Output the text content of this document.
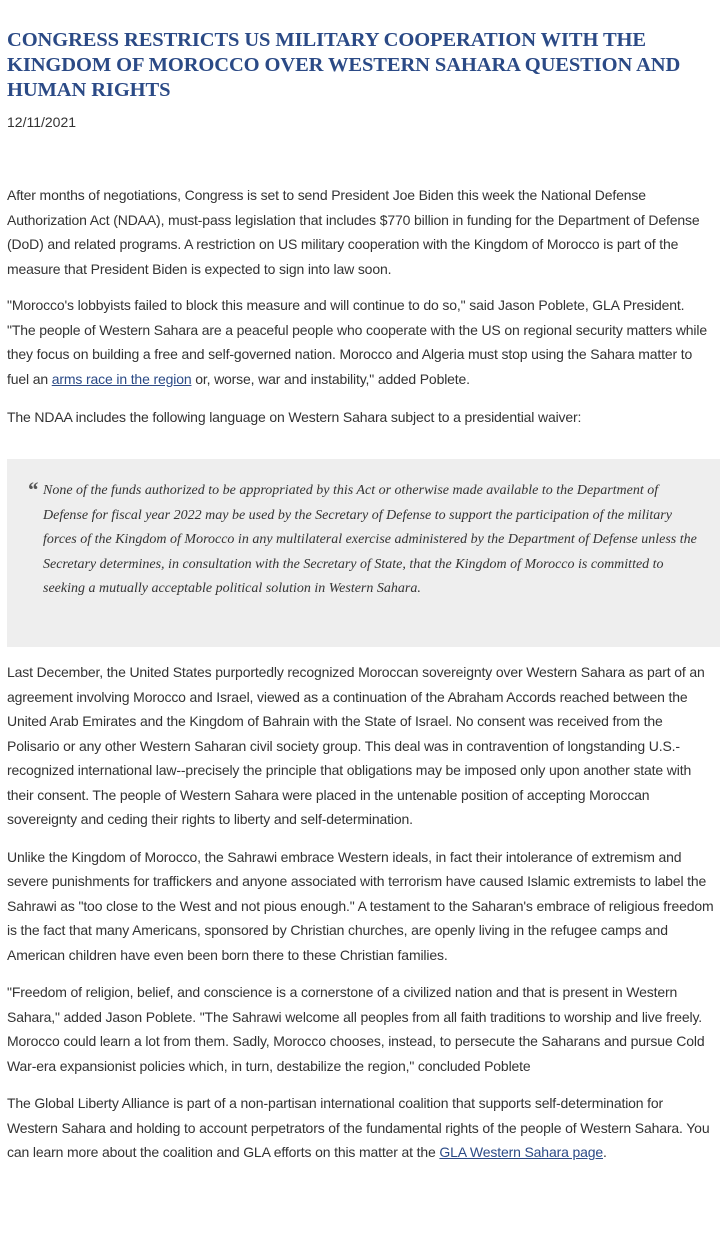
CONGRESS RESTRICTS US MILITARY COOPERATION WITH THE KINGDOM OF MOROCCO OVER WESTERN SAHARA QUESTION AND HUMAN RIGHTS
12/11/2021

After months of negotiations, Congress is set to send President Joe Biden this week the National Defense Authorization Act (NDAA), must-pass legislation that includes $770 billion in funding for the Department of Defense (DoD) and related programs. A restriction on US military cooperation with the Kingdom of Morocco is part of the measure that President Biden is expected to sign into law soon.

"Morocco's lobbyists failed to block this measure and will continue to do so," said Jason Poblete, GLA President. "The people of Western Sahara are a peaceful people who cooperate with the US on regional security matters while they focus on building a free and self-governed nation. Morocco and Algeria must stop using the Sahara matter to fuel an arms race in the region or, worse, war and instability," added Poblete.

The NDAA includes the following language on Western Sahara subject to a presidential waiver:

“ None of the funds authorized to be appropriated by this Act or otherwise made available to the Department of Defense for fiscal year 2022 may be used by the Secretary of Defense to support the participation of the military forces of the Kingdom of Morocco in any multilateral exercise administered by the Department of Defense unless the Secretary determines, in consultation with the Secretary of State, that the Kingdom of Morocco is committed to seeking a mutually acceptable political solution in Western Sahara.

Last December, the United States purportedly recognized Moroccan sovereignty over Western Sahara as part of an agreement involving Morocco and Israel, viewed as a continuation of the Abraham Accords reached between the United Arab Emirates and the Kingdom of Bahrain with the State of Israel. No consent was received from the Polisario or any other Western Saharan civil society group. This deal was in contravention of longstanding U.S.-recognized international law--precisely the principle that obligations may be imposed only upon another state with their consent. The people of Western Sahara were placed in the untenable position of accepting Moroccan sovereignty and ceding their rights to liberty and self-determination.

Unlike the Kingdom of Morocco, the Sahrawi embrace Western ideals, in fact their intolerance of extremism and severe punishments for traffickers and anyone associated with terrorism have caused Islamic extremists to label the Sahrawi as "too close to the West and not pious enough." A testament to the Saharan's embrace of religious freedom is the fact that many Americans, sponsored by Christian churches, are openly living in the refugee camps and American children have even been born there to these Christian families.

"Freedom of religion, belief, and conscience is a cornerstone of a civilized nation and that is present in Western Sahara," added Jason Poblete. "The Sahrawi welcome all peoples from all faith traditions to worship and live freely. Morocco could learn a lot from them. Sadly, Morocco chooses, instead, to persecute the Saharans and pursue Cold War-era expansionist policies which, in turn, destabilize the region," concluded Poblete

The Global Liberty Alliance is part of a non-partisan international coalition that supports self-determination for Western Sahara and holding to account perpetrators of the fundamental rights of the people of Western Sahara. You can learn more about the coalition and GLA efforts on this matter at the GLA Western Sahara page.
